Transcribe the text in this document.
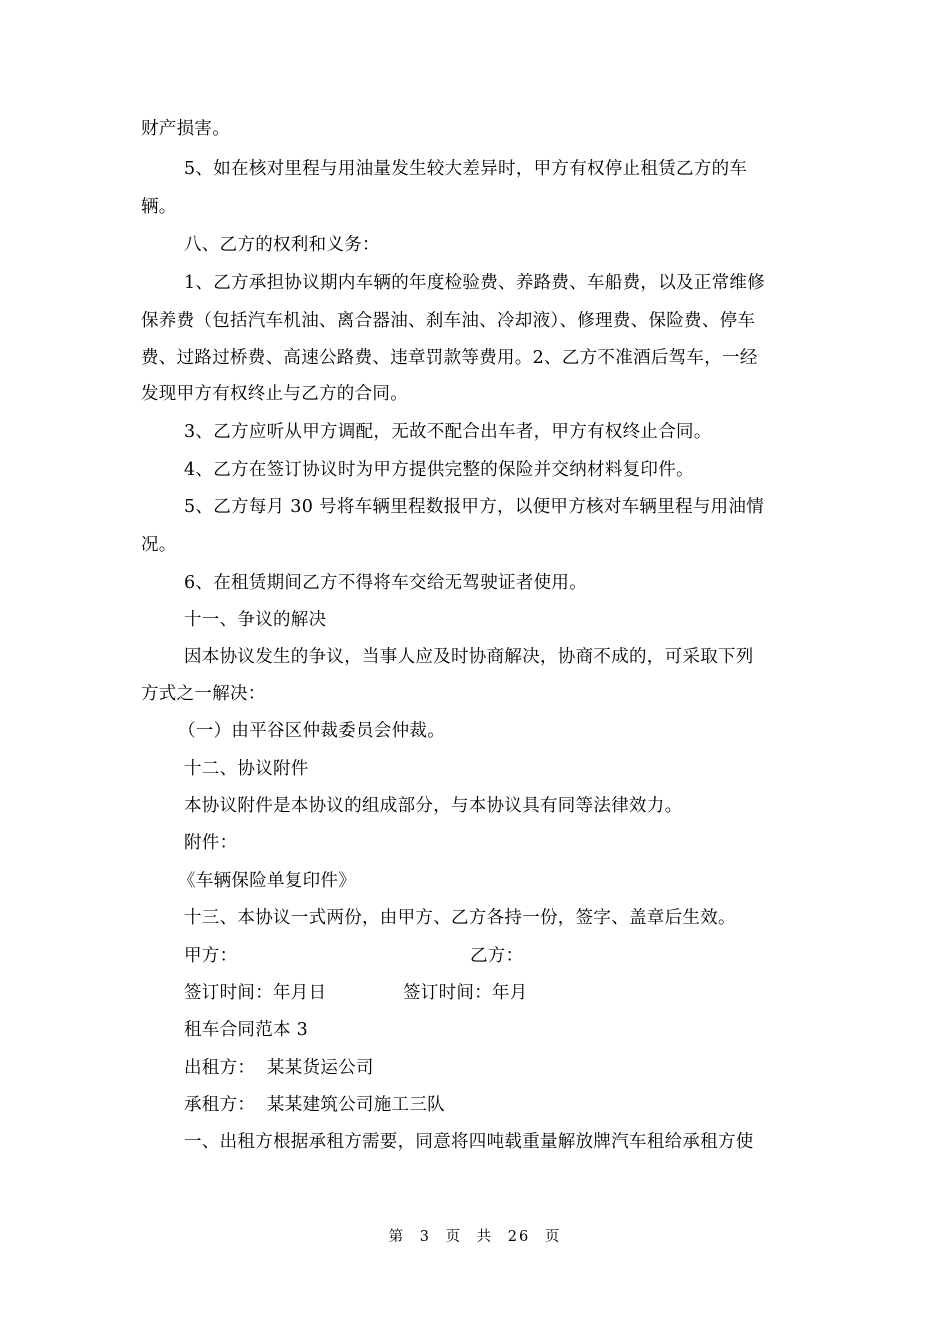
财产损害。
5、如在核对里程与用油量发生较大差异时，甲方有权停止租赁乙方的车
辆。
八、乙方的权利和义务：
1、乙方承担协议期内车辆的年度检验费、养路费、车船费，以及正常维修
保养费（包括汽车机油、离合器油、刹车油、冷却液）、修理费、保险费、停车
费、过路过桥费、高速公路费、违章罚款等费用。2、乙方不准酒后驾车，一经
发现甲方有权终止与乙方的合同。
3、乙方应听从甲方调配，无故不配合出车者，甲方有权终止合同。
4、乙方在签订协议时为甲方提供完整的保险并交纳材料复印件。
5、乙方每月 30 号将车辆里程数报甲方，以便甲方核对车辆里程与用油情
况。
6、在租赁期间乙方不得将车交给无驾驶证者使用。
十一、争议的解决
因本协议发生的争议，当事人应及时协商解决，协商不成的，可采取下列
方式之一解决：
（一）由平谷区仲裁委员会仲裁。
十二、协议附件
本协议附件是本协议的组成部分，与本协议具有同等法律效力。
附件：
《车辆保险单复印件》
十三、本协议一式两份，由甲方、乙方各持一份，签字、盖章后生效。
甲方：	乙方：
签订时间：年月日	签订时间：年月
租车合同范本 3
出租方：  某某货运公司
承租方：  某某建筑公司施工三队
一、出租方根据承租方需要，同意将四吨载重量解放牌汽车租给承租方使
第 3 页 共 26 页
